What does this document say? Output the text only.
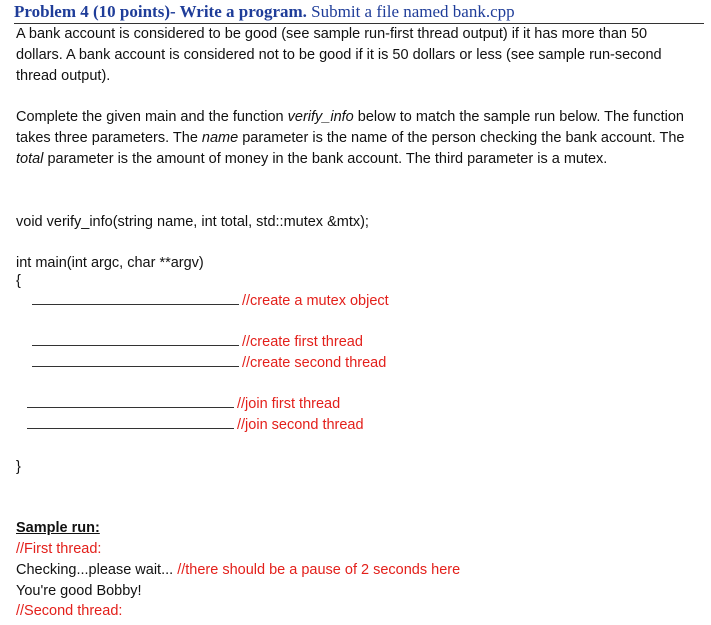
Problem 4 (10 points)- Write a program. Submit a file named bank.cpp
A bank account is considered to be good (see sample run-first thread output) if it has more than 50 dollars. A bank account is considered not to be good if it is 50 dollars or less (see sample run-second thread output).
Complete the given main and the function verify_info below to match the sample run below. The function takes three parameters. The name parameter is the name of the person checking the bank account. The total parameter is the amount of money in the bank account. The third parameter is a mutex.
void verify_info(string name, int total, std::mutex &mtx);
int main(int argc, char **argv)
{
//create a mutex object
//create first thread
//create second thread
//join first thread
//join second thread
}
Sample run:
//First thread:
Checking...please wait... //there should be a pause of 2 seconds here
You're good Bobby!
//Second thread:
